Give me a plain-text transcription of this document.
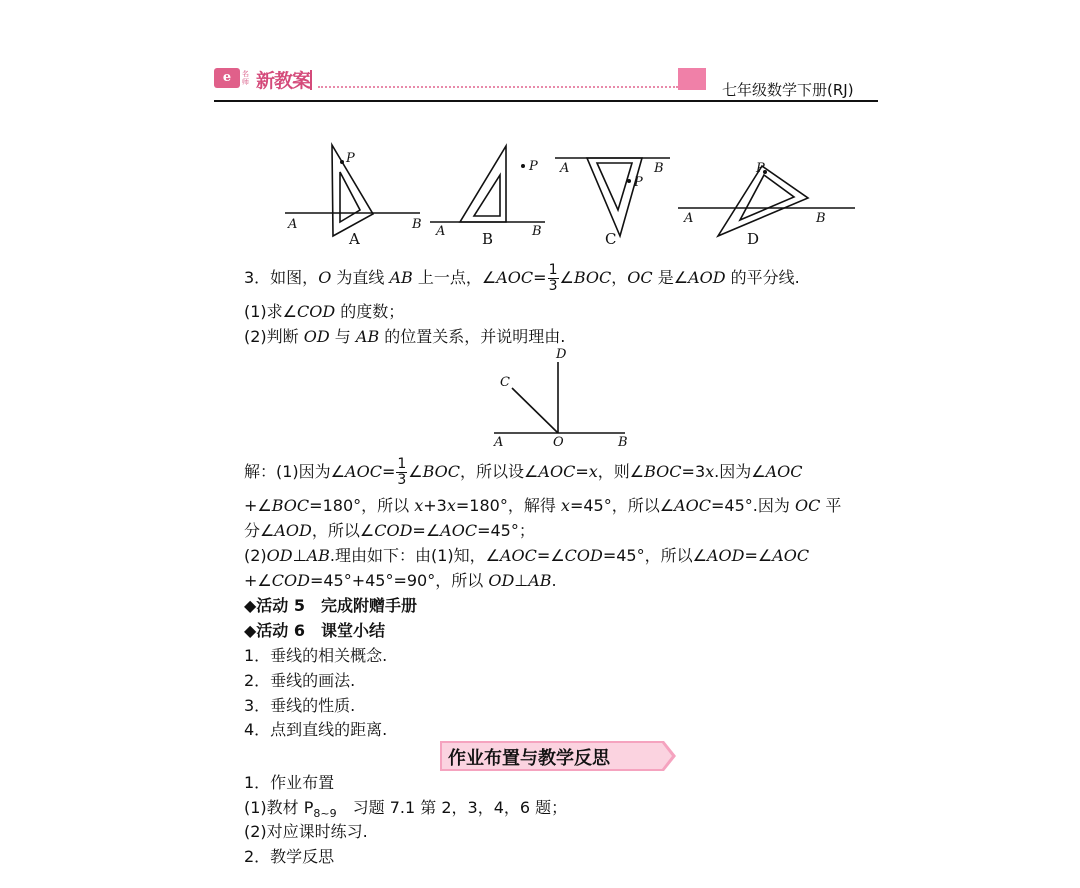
e	名师 新教案	七年级数学下册(RJ)
P
A	B
P
A	B
P
A	B	P
A	B
A	B	C	D
3．如图，O 为直线 AB 上一点，∠AOC= $\frac{1}{3}$ ∠BOC，OC 是∠AOD 的平分线.
(1)求∠COD 的度数；
(2)判断 OD 与 AB 的位置关系，并说明理由.
A	O	B
C
D
解：(1)因为∠AOC= $\frac{1}{3}$ ∠BOC，所以设∠AOC=x，则∠BOC=3x.因为∠AOC
+∠BOC=180°，所以 x+3x=180°，解得 x=45°，所以∠AOC=45°.因为 OC 平
分∠AOD，所以∠COD=∠AOC=45°；
(2)OD⊥AB.理由如下：由(1)知，∠AOC=∠COD=45°，所以∠AOD=∠AOC
+∠COD=45°+45°=90°，所以 OD⊥AB.
◆活动 5　完成附赠手册
◆活动 6　课堂小结
1．垂线的相关概念.
2．垂线的画法.
3．垂线的性质.
4．点到直线的距离.
作业布置与教学反思
1．作业布置
(1)教材 $P_{8\sim 9}$　习题 7.1 第 2，3，4，6 题；
(2)对应课时练习.
2．教学反思
